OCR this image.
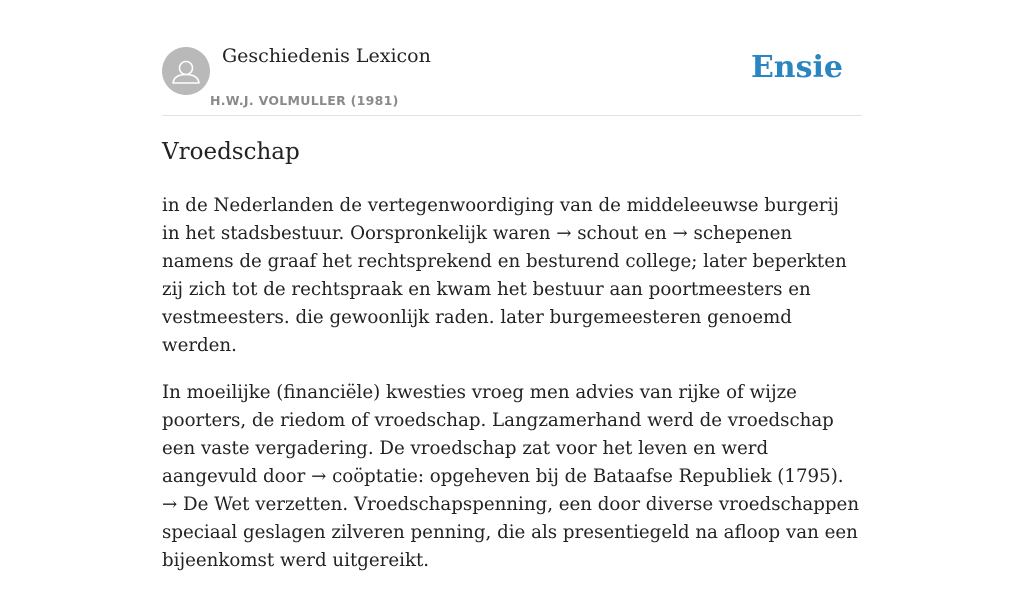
Geschiedenis Lexicon
H.W.J. VOLMULLER (1981)
Ensie
Vroedschap

in de Nederlanden de vertegenwoordiging van de middeleeuwse burgerij in het stadsbestuur. Oorspronkelijk waren → schout en → schepenen namens de graaf het rechtsprekend en besturend college; later beperkten zij zich tot de rechtspraak en kwam het bestuur aan poortmeesters en vestmeesters. die gewoonlijk raden. later burgemeesteren genoemd werden.

In moeilijke (financiële) kwesties vroeg men advies van rijke of wijze poorters, de riedom of vroedschap. Langzamerhand werd de vroedschap een vaste vergadering. De vroedschap zat voor het leven en werd aangevuld door → coöptatie: opgeheven bij de Bataafse Republiek (1795). → De Wet verzetten. Vroedschapspenning, een door diverse vroedschappen speciaal geslagen zilveren penning, die als presentiegeld na afloop van een bijeenkomst werd uitgereikt.
